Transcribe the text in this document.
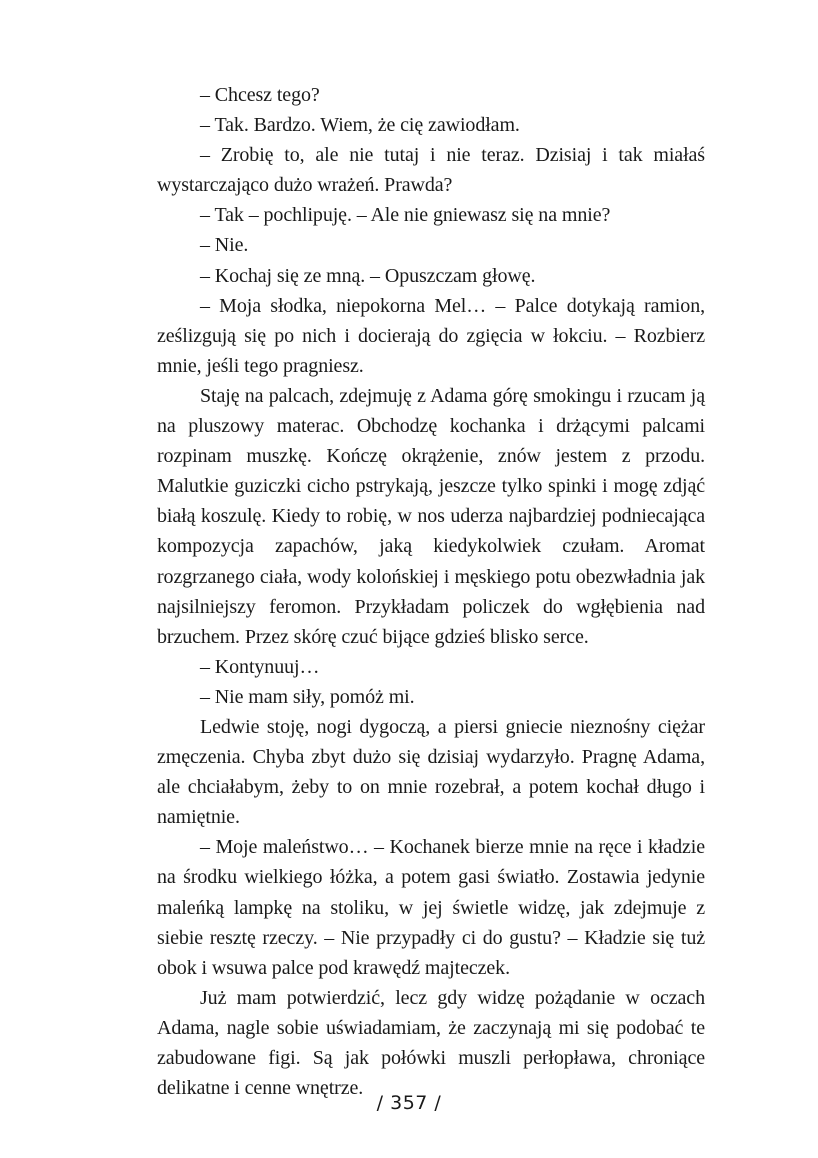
– Chcesz tego?

– Tak. Bardzo. Wiem, że cię zawiodłam.

– Zrobię to, ale nie tutaj i nie teraz. Dzisiaj i tak miałaś wystarczająco dużo wrażeń. Prawda?

– Tak – pochlipuję. – Ale nie gniewasz się na mnie?

– Nie.

– Kochaj się ze mną. – Opuszczam głowę.

– Moja słodka, niepokorna Mel… – Palce dotykają ramion, ześlizgują się po nich i docierają do zgięcia w łokciu. – Rozbierz mnie, jeśli tego pragniesz.

Staję na palcach, zdejmuję z Adama górę smokingu i rzucam ją na pluszowy materac. Obchodzę kochanka i drżącymi palcami rozpinam muszkę. Kończę okrążenie, znów jestem z przodu. Malutkie guziczki cicho pstrykają, jeszcze tylko spinki i mogę zdjąć białą koszulę. Kiedy to robię, w nos uderza najbardziej podniecająca kompozycja zapachów, jaką kiedykolwiek czułam. Aromat rozgrzanego ciała, wody kolońskiej i męskiego potu obezwładnia jak najsilniejszy feromon. Przykładam policzek do wgłębienia nad brzuchem. Przez skórę czuć bijące gdzieś blisko serce.

– Kontynuuj…

– Nie mam siły, pomóż mi.

Ledwie stoję, nogi dygoczą, a piersi gniecie nieznośny ciężar zmęczenia. Chyba zbyt dużo się dzisiaj wydarzyło. Pragnę Adama, ale chciałabym, żeby to on mnie rozebrał, a potem kochał długo i namiętnie.

– Moje maleństwo… – Kochanek bierze mnie na ręce i kładzie na środku wielkiego łóżka, a potem gasi światło. Zostawia jedynie maleńką lampkę na stoliku, w jej świetle widzę, jak zdejmuje z siebie resztę rzeczy. – Nie przypadły ci do gustu? – Kładzie się tuż obok i wsuwa palce pod krawędź majteczek.

Już mam potwierdzić, lecz gdy widzę pożądanie w oczach Adama, nagle sobie uświadamiam, że zaczynają mi się podobać te zabudowane figi. Są jak połówki muszli perłopława, chroniące delikatne i cenne wnętrze.

/ 357 /
